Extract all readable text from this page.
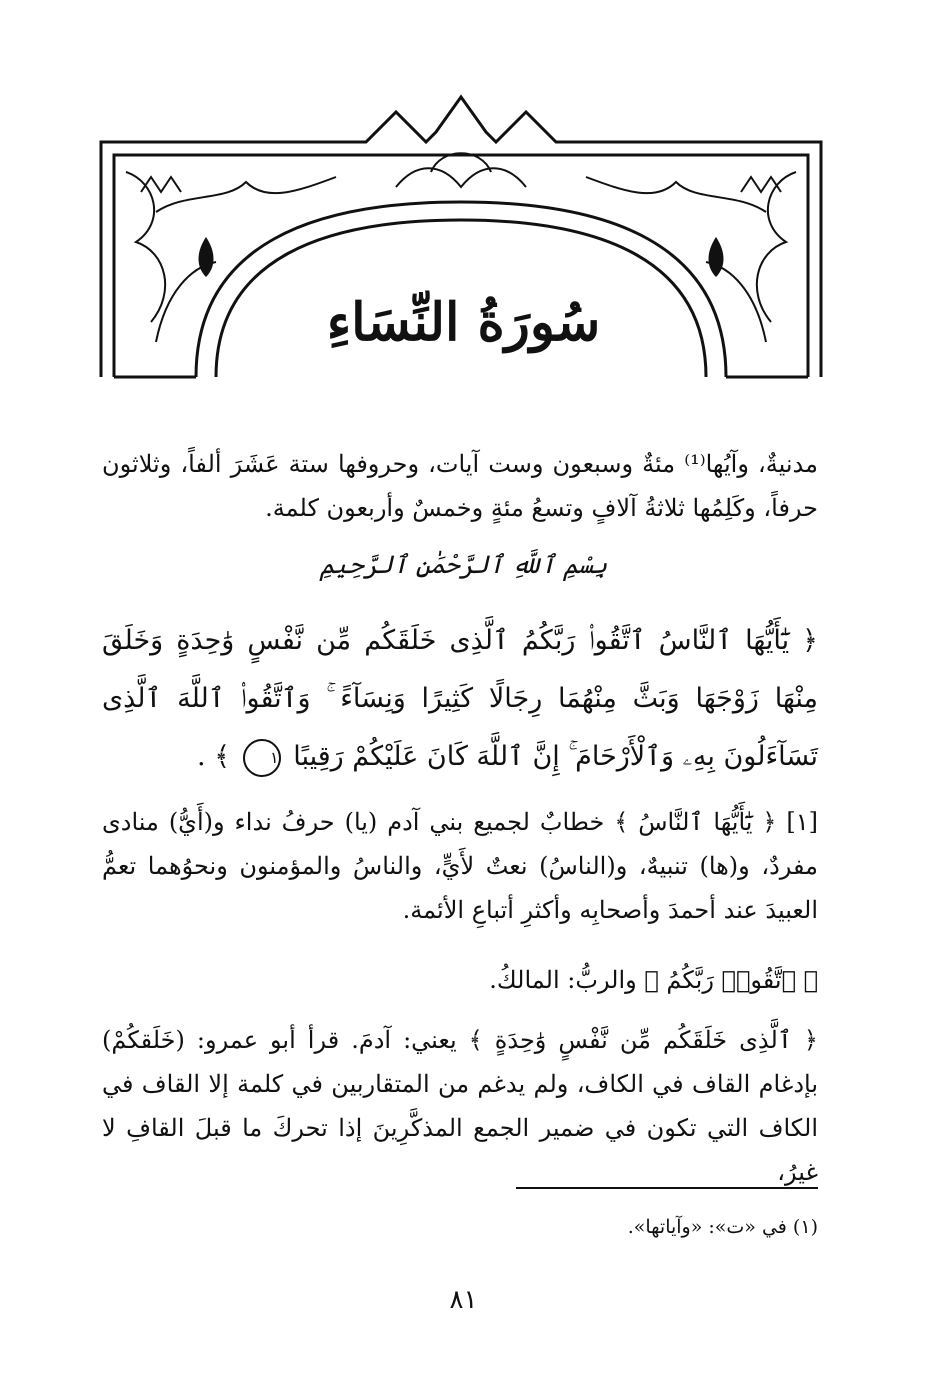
سُورَةُ النِّسَاءِ
مدنيةٌ، وآيُها⁽¹⁾ مئةٌ وسبعون وست آيات، وحروفها ستة عَشَرَ ألفاً، وثلاثون حرفاً، وكَلِمُها ثلاثةُ آلافٍ وتسعُ مئةٍ وخمسٌ وأربعون كلمة.
بِسْمِ ٱللَّهِ ٱلرَّحْمَٰنِ ٱلرَّحِيمِ
﴿ يَٰٓأَيُّهَا ٱلنَّاسُ ٱتَّقُوا۟ رَبَّكُمُ ٱلَّذِى خَلَقَكُم مِّن نَّفْسٍ وَٰحِدَةٍ وَخَلَقَ مِنْهَا زَوْجَهَا وَبَثَّ مِنْهُمَا رِجَالًا كَثِيرًا وَنِسَآءً ۚ وَٱتَّقُوا۟ ٱللَّهَ ٱلَّذِى تَسَآءَلُونَ بِهِۦ وَٱلْأَرْحَامَ ۚ إِنَّ ٱللَّهَ كَانَ عَلَيْكُمْ رَقِيبًا ١ ﴾ .
[١] ﴿ يَٰٓأَيُّهَا ٱلنَّاسُ ﴾ خطابٌ لجميع بني آدم (يا) حرفُ نداء و(أَيُّ) منادى مفردٌ، و(ها) تنبيهٌ، و(الناسُ) نعتٌ لأَيٍّ، والناسُ والمؤمنون ونحوُهما تعمُّ العبيدَ عند أحمدَ وأصحابِه وأكثرِ أتباعِ الأئمة.
﴿ ٱتَّقُوا۟ رَبَّكُمُ ﴾ والربُّ: المالكُ.
﴿ ٱلَّذِى خَلَقَكُم مِّن نَّفْسٍ وَٰحِدَةٍ ﴾ يعني: آدمَ. قرأ أبو عمرو: (خَلَقكُمْ) بإدغام القاف في الكاف، ولم يدغم من المتقاربين في كلمة إلا القاف في الكاف التي تكون في ضمير الجمع المذكَّرِينَ إذا تحركَ ما قبلَ القافِ لا غيرُ،
(١) في «ت»: «وآياتها».
٨١
